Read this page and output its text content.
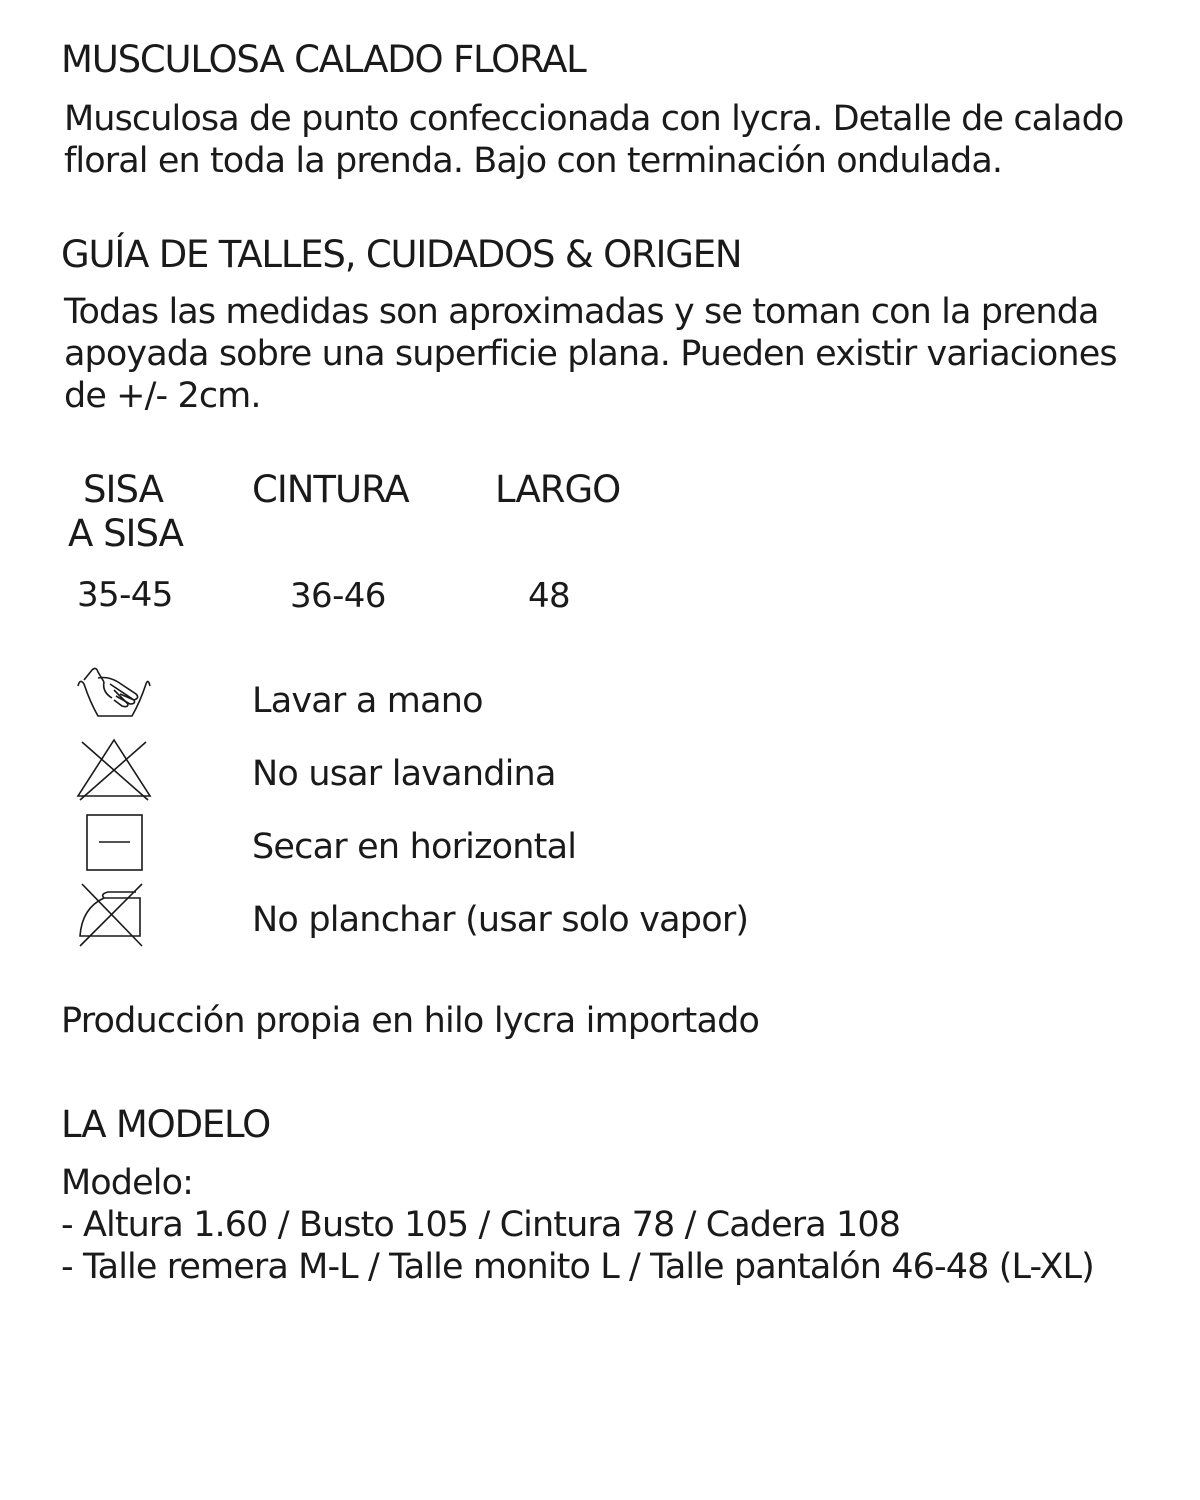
MUSCULOSA CALADO FLORAL
Musculosa de punto confeccionada con lycra. Detalle de calado
floral en toda la prenda. Bajo con terminación ondulada.
GUÍA DE TALLES, CUIDADOS & ORIGEN
Todas las medidas son aproximadas y se toman con la prenda
apoyada sobre una superficie plana. Pueden existir variaciones
de +/- 2cm.
SISA
A SISA
CINTURA LARGO
35-45	36-46	48
Lavar a mano
No usar lavandina
Secar en horizontal
No planchar (usar solo vapor)
Producción propia en hilo lycra importado
LA MODELO
Modelo:
- Altura 1.60 / Busto 105 / Cintura 78 / Cadera 108
- Talle remera M-L / Talle monito L / Talle pantalón 46-48 (L-XL)
